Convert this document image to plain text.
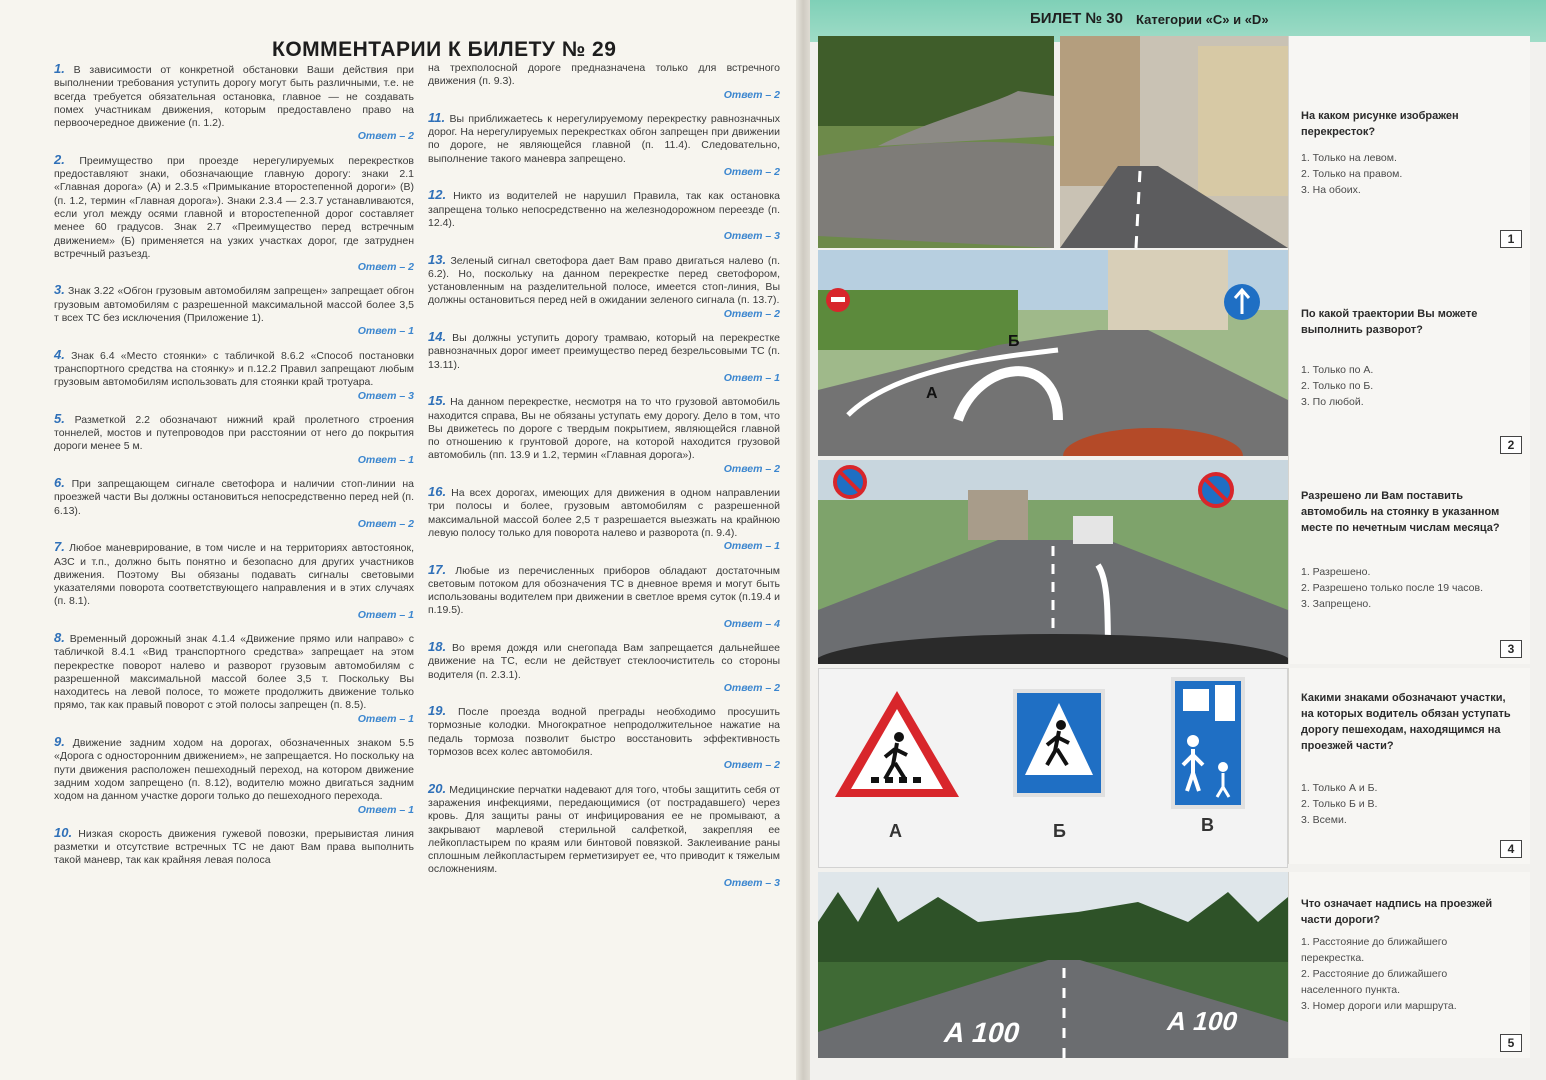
КОММЕНТАРИИ К БИЛЕТУ № 29
1. В зависимости от конкретной обстановки Ваши действия при выполнении требования уступить дорогу могут быть различными, т.е. не всегда требуется обязательная остановка, главное — не создавать помех участникам движения, которым предоставлено право на первоочередное движение (п. 1.2).
Ответ – 2
2. Преимущество при проезде нерегулируемых перекрестков предоставляют знаки, обозначающие главную дорогу: знаки 2.1 «Главная дорога» (А) и 2.3.5 «Примыкание второстепенной дороги» (В) (п. 1.2, термин «Главная дорога»). Знаки 2.3.4 — 2.3.7 устанавливаются, если угол между осями главной и второстепенной дорог составляет менее 60 градусов. Знак 2.7 «Преимущество перед встречным движением» (Б) применяется на узких участках дорог, где затруднен встречный разъезд.
Ответ – 2
3. Знак 3.22 «Обгон грузовым автомобилям запрещен» запрещает обгон грузовым автомобилям с разрешенной максимальной массой более 3,5 т всех ТС без исключения (Приложение 1).
Ответ – 1
4. Знак 6.4 «Место стоянки» с табличкой 8.6.2 «Способ постановки транспортного средства на стоянку» и п.12.2 Правил запрещают любым грузовым автомобилям использовать для стоянки край тротуара.
Ответ – 3
5. Разметкой 2.2 обозначают нижний край пролетного строения тоннелей, мостов и путепроводов при расстоянии от него до покрытия дороги менее 5 м.
Ответ – 1
6. При запрещающем сигнале светофора и наличии стоп-линии на проезжей части Вы должны остановиться непосредственно перед ней (п. 6.13).
Ответ – 2
7. Любое маневрирование, в том числе и на территориях автостоянок, АЗС и т.п., должно быть понятно и безопасно для других участников движения. Поэтому Вы обязаны подавать сигналы световыми указателями поворота соответствующего направления и в этих случаях (п. 8.1).
Ответ – 1
8. Временный дорожный знак 4.1.4 «Движение прямо или направо» с табличкой 8.4.1 «Вид транспортного средства» запрещает на этом перекрестке поворот налево и разворот грузовым автомобилям с разрешенной максимальной массой более 3,5 т. Поскольку Вы находитесь на левой полосе, то можете продолжить движение только прямо, так как правый поворот с этой полосы запрещен (п. 8.5).
Ответ – 1
9. Движение задним ходом на дорогах, обозначенных знаком 5.5 «Дорога с односторонним движением», не запрещается. Но поскольку на пути движения расположен пешеходный переход, на котором движение задним ходом запрещено (п. 8.12), водителю можно двигаться задним ходом на данном участке дороги только до пешеходного перехода.
Ответ – 1
10. Низкая скорость движения гужевой повозки, прерывистая линия разметки и отсутствие встречных ТС не дают Вам права выполнить такой маневр, так как крайняя левая полоса
на трехполосной дороге предназначена только для встречного движения (п. 9.3).
Ответ – 2
11. Вы приближаетесь к нерегулируемому перекрестку равнозначных дорог. На нерегулируемых перекрестках обгон запрещен при движении по дороге, не являющейся главной (п. 11.4). Следовательно, выполнение такого маневра запрещено.
Ответ – 2
12. Никто из водителей не нарушил Правила, так как остановка запрещена только непосредственно на железнодорожном переезде (п. 12.4).
Ответ – 3
13. Зеленый сигнал светофора дает Вам право двигаться налево (п. 6.2). Но, поскольку на данном перекрестке перед светофором, установленным на разделительной полосе, имеется стоп-линия, Вы должны остановиться перед ней в ожидании зеленого сигнала (п. 13.7).
Ответ – 2
14. Вы должны уступить дорогу трамваю, который на перекрестке равнозначных дорог имеет преимущество перед безрельсовыми ТС (п. 13.11).
Ответ – 1
15. На данном перекрестке, несмотря на то что грузовой автомобиль находится справа, Вы не обязаны уступать ему дорогу. Дело в том, что Вы движетесь по дороге с твердым покрытием, являющейся главной по отношению к грунтовой дороге, на которой находится грузовой автомобиль (пп. 13.9 и 1.2, термин «Главная дорога»).
Ответ – 2
16. На всех дорогах, имеющих для движения в одном направлении три полосы и более, грузовым автомобилям с разрешенной максимальной массой более 2,5 т разрешается выезжать на крайнюю левую полосу только для поворота налево и разворота (п. 9.4).
Ответ – 1
17. Любые из перечисленных приборов обладают достаточным световым потоком для обозначения ТС в дневное время и могут быть использованы водителем при движении в светлое время суток (п.19.4 и п.19.5).
Ответ – 4
18. Во время дождя или снегопада Вам запрещается дальнейшее движение на ТС, если не действует стеклоочиститель со стороны водителя (п. 2.3.1).
Ответ – 2
19. После проезда водной преграды необходимо просушить тормозные колодки. Многократное непродолжительное нажатие на педаль тормоза позволит быстро восстановить эффективность тормозов всех колес автомобиля.
Ответ – 2
20. Медицинские перчатки надевают для того, чтобы защитить себя от заражения инфекциями, передающимися (от пострадавшего) через кровь. Для защиты раны от инфицирования ее не промывают, а закрывают марлевой стерильной салфеткой, закрепляя ее лейкопластырем по краям или бинтовой повязкой. Заклеивание раны сплошным лейкопластырем герметизирует ее, что приводит к тяжелым осложнениям.
Ответ – 3
БИЛЕТ № 30 Категории «C» и «D»
На каком рисунке изображен перекресток?
1. Только на левом.
2. Только на правом.
3. На обоих.
1
Б
А
По какой траектории Вы можете выполнить разворот?
1. Только по А.
2. Только по Б.
3. По любой.
2
Разрешено ли Вам поставить автомобиль на стоянку в указанном месте по нечетным числам месяца?
1. Разрешено.
2. Разрешено только после 19 часов.
3. Запрещено.
3
А	Б	В
Какими знаками обозначают участки, на которых водитель обязан уступать дорогу пешеходам, находящимся на проезжей части?
1. Только А и Б.
2. Только Б и В.
3. Всеми.
4
А 100	А 100
Что означает надпись на проезжей части дороги?
1. Расстояние до ближайшего перекрестка.
2. Расстояние до ближайшего населенного пункта.
3. Номер дороги или маршрута.
5
